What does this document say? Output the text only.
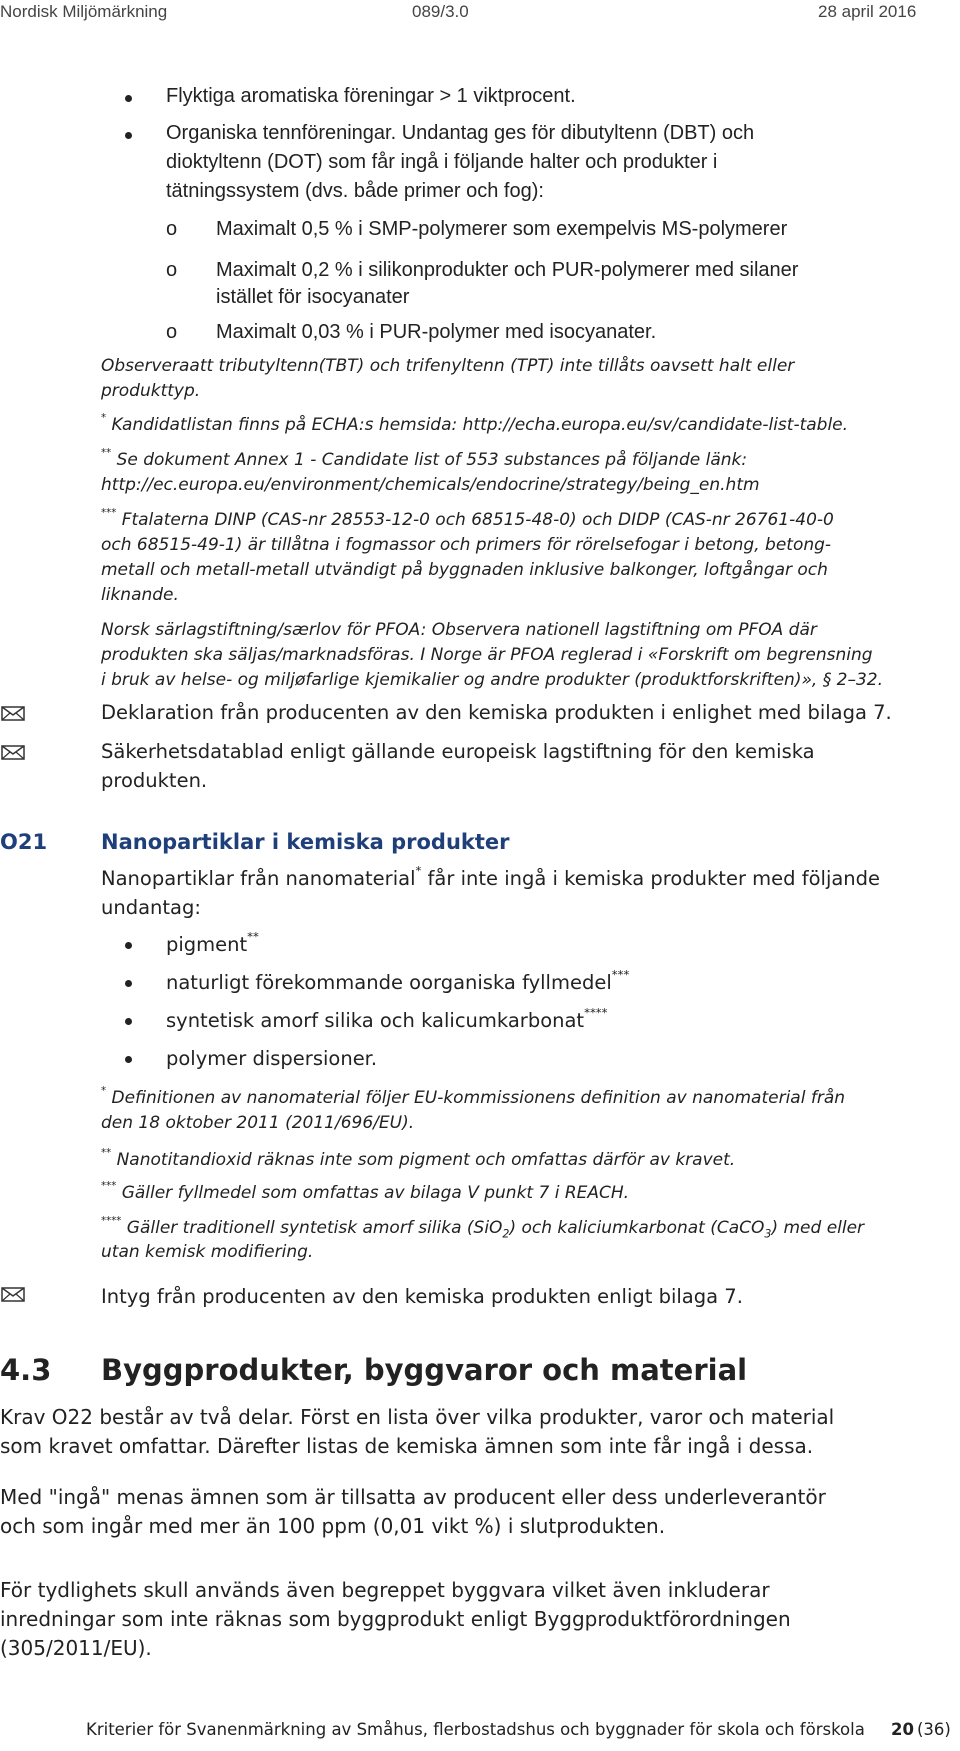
Nordisk Miljömärkning	089/3.0	28 april 2016
Flyktiga aromatiska föreningar > 1 viktprocent.
Organiska tennföreningar. Undantag ges för dibutyltenn (DBT) och
dioktyltenn (DOT) som får ingå i följande halter och produkter i
tätningssystem (dvs. både primer och fog):
o Maximalt 0,5 % i SMP-polymerer som exempelvis MS-polymerer
o Maximalt 0,2 % i silikonprodukter och PUR-polymerer med silaner
istället för isocyanater
o Maximalt 0,03 % i PUR-polymer med isocyanater.
Observeraatt tributyltenn(TBT) och trifenyltenn (TPT) inte tillåts oavsett halt eller
produkttyp.
* Kandidatlistan finns på ECHA:s hemsida: http://echa.europa.eu/sv/candidate-list-table.
** Se dokument Annex 1 - Candidate list of 553 substances på följande länk:
http://ec.europa.eu/environment/chemicals/endocrine/strategy/being_en.htm
*** Ftalaterna DINP (CAS-nr 28553-12-0 och 68515-48-0) och DIDP (CAS-nr 26761-40-0
och 68515-49-1) är tillåtna i fogmassor och primers för rörelsefogar i betong, betong-
metall och metall-metall utvändigt på byggnaden inklusive balkonger, loftgångar och
liknande.
Norsk särlagstiftning/særlov för PFOA: Observera nationell lagstiftning om PFOA där
produkten ska säljas/marknadsföras. I Norge är PFOA reglerad i «Forskrift om begrensning
i bruk av helse- og miljøfarlige kjemikalier og andre produkter (produktforskriften)», § 2–32.
Deklaration från producenten av den kemiska produkten i enlighet med bilaga 7.
Säkerhetsdatablad enligt gällande europeisk lagstiftning för den kemiska
produkten.
O21	Nanopartiklar i kemiska produkter
Nanopartiklar från nanomaterial* får inte ingå i kemiska produkter med följande
undantag:
pigment**
naturligt förekommande oorganiska fyllmedel***
syntetisk amorf silika och kalicumkarbonat****
polymer dispersioner.
* Definitionen av nanomaterial följer EU-kommissionens definition av nanomaterial från
den 18 oktober 2011 (2011/696/EU).
** Nanotitandioxid räknas inte som pigment och omfattas därför av kravet.
*** Gäller fyllmedel som omfattas av bilaga V punkt 7 i REACH.
**** Gäller traditionell syntetisk amorf silika (SiO$_2$) och kaliciumkarbonat (CaCO$_3$) med eller
utan kemisk modifiering.
Intyg från producenten av den kemiska produkten enligt bilaga 7.
4.3 Byggprodukter, byggvaror och material
Krav O22 består av två delar. Först en lista över vilka produkter, varor och material
som kravet omfattar. Därefter listas de kemiska ämnen som inte får ingå i dessa.
Med "ingå" menas ämnen som är tillsatta av producent eller dess underleverantör
och som ingår med mer än 100 ppm (0,01 vikt %) i slutprodukten.
För tydlighets skull används även begreppet byggvara vilket även inkluderar
inredningar som inte räknas som byggprodukt enligt Byggproduktförordningen
(305/2011/EU).
Kriterier för Svanenmärkning av Småhus, flerbostadshus och byggnader för skola och förskola 20 (36)
